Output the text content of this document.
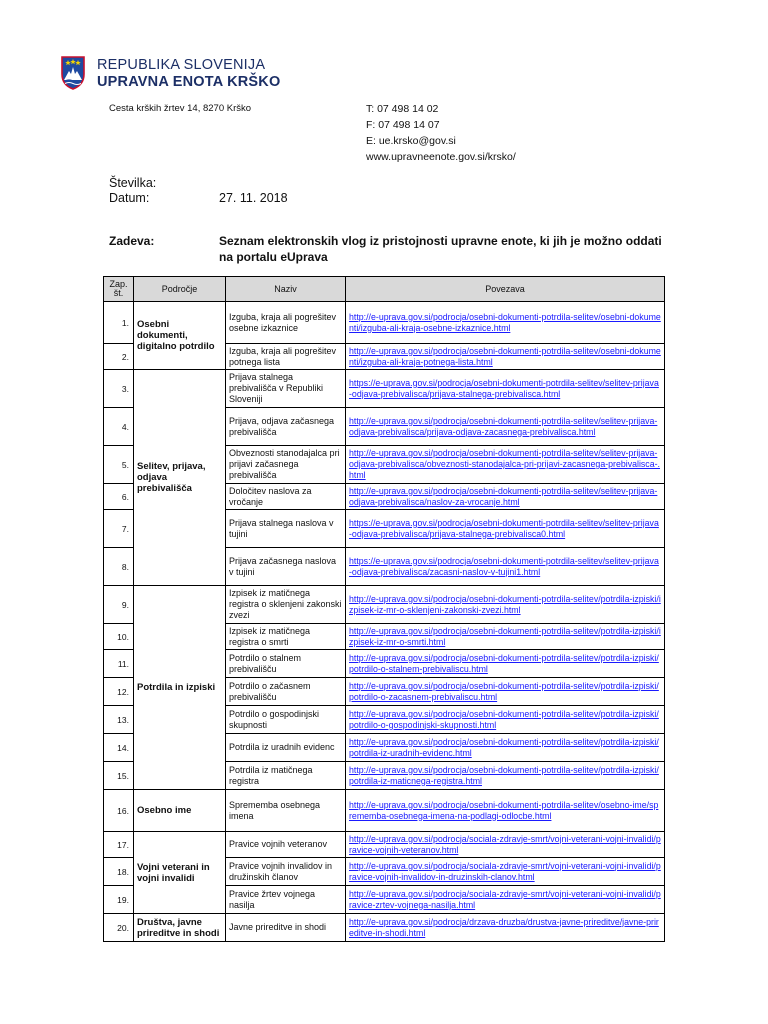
REPUBLIKA SLOVENIJA
UPRAVNA ENOTA KRŠKO
Cesta krških žrtev 14, 8270 Krško	T: 07 498 14 02
F: 07 498 14 07
E: ue.krsko@gov.si
www.upravneenote.gov.si/krsko/
Številka:
Datum:	27. 11. 2018
Zadeva:	Seznam elektronskih vlog iz pristojnosti upravne enote, ki jih je možno oddati na portalu eUprava
Zap. št.	Področje	Naziv	Povezava
1.	Osebni dokumenti, digitalno potrdilo	Izguba, kraja ali pogrešitev osebne izkaznice	http://e-uprava.gov.si/podrocja/osebni-dokumenti-potrdila-selitev/osebni-dokumenti/izguba-ali-kraja-osebne-izkaznice.html
2.		Izguba, kraja ali pogrešitev potnega lista	http://e-uprava.gov.si/podrocja/osebni-dokumenti-potrdila-selitev/osebni-dokumenti/izguba-ali-kraja-potnega-lista.html
3.	Selitev, prijava, odjava prebivališča	Prijava stalnega prebivališča v Republiki Sloveniji	https://e-uprava.gov.si/podrocja/osebni-dokumenti-potrdila-selitev/selitev-prijava-odjava-prebivalisca/prijava-stalnega-prebivalisca.html
4.		Prijava, odjava začasnega prebivališča	http://e-uprava.gov.si/podrocja/osebni-dokumenti-potrdila-selitev/selitev-prijava-odjava-prebivalisca/prijava-odjava-zacasnega-prebivalisca.html
5.		Obveznosti stanodajalca pri prijavi začasnega prebivališča	http://e-uprava.gov.si/podrocja/osebni-dokumenti-potrdila-selitev/selitev-prijava-odjava-prebivalisca/obveznosti-stanodajalca-pri-prijavi-zacasnega-prebivalisca-.html
6.		Določitev naslova za vročanje	http://e-uprava.gov.si/podrocja/osebni-dokumenti-potrdila-selitev/selitev-prijava-odjava-prebivalisca/naslov-za-vrocanje.html
7.		Prijava stalnega naslova v tujini	https://e-uprava.gov.si/podrocja/osebni-dokumenti-potrdila-selitev/selitev-prijava-odjava-prebivalisca/prijava-stalnega-prebivalisca0.html
8.		Prijava začasnega naslova v tujini	https://e-uprava.gov.si/podrocja/osebni-dokumenti-potrdila-selitev/selitev-prijava-odjava-prebivalisca/zacasni-naslov-v-tujini1.html
9.	Potrdila in izpiski	Izpisek iz matičnega registra o sklenjeni zakonski zvezi	http://e-uprava.gov.si/podrocja/osebni-dokumenti-potrdila-selitev/potrdila-izpiski/izpisek-iz-mr-o-sklenjeni-zakonski-zvezi.html
10.		Izpisek iz matičnega registra o smrti	http://e-uprava.gov.si/podrocja/osebni-dokumenti-potrdila-selitev/potrdila-izpiski/izpisek-iz-mr-o-smrti.html
11.		Potrdilo o stalnem prebivališču	http://e-uprava.gov.si/podrocja/osebni-dokumenti-potrdila-selitev/potrdila-izpiski/potrdilo-o-stalnem-prebivaliscu.html
12.		Potrdilo o začasnem prebivališču	http://e-uprava.gov.si/podrocja/osebni-dokumenti-potrdila-selitev/potrdila-izpiski/potrdilo-o-zacasnem-prebivaliscu.html
13.		Potrdilo o gospodinjski skupnosti	http://e-uprava.gov.si/podrocja/osebni-dokumenti-potrdila-selitev/potrdila-izpiski/potrdilo-o-gospodinjski-skupnosti.html
14.		Potrdila iz uradnih evidenc	http://e-uprava.gov.si/podrocja/osebni-dokumenti-potrdila-selitev/potrdila-izpiski/potrdila-iz-uradnih-evidenc.html
15.		Potrdila iz matičnega registra	http://e-uprava.gov.si/podrocja/osebni-dokumenti-potrdila-selitev/potrdila-izpiski/potrdila-iz-maticnega-registra.html
16.	Osebno ime	Sprememba osebnega imena	http://e-uprava.gov.si/podrocja/osebni-dokumenti-potrdila-selitev/osebno-ime/sprememba-osebnega-imena-na-podlagi-odlocbe.html
17.	Vojni veterani in vojni invalidi	Pravice vojnih veteranov	http://e-uprava.gov.si/podrocja/sociala-zdravje-smrt/vojni-veterani-vojni-invalidi/pravice-vojnih-veteranov.html
18.		Pravice vojnih invalidov in družinskih članov	http://e-uprava.gov.si/podrocja/sociala-zdravje-smrt/vojni-veterani-vojni-invalidi/pravice-vojnih-invalidov-in-druzinskih-clanov.html
19.		Pravice žrtev vojnega nasilja	http://e-uprava.gov.si/podrocja/sociala-zdravje-smrt/vojni-veterani-vojni-invalidi/pravice-zrtev-vojnega-nasilja.html
20.	Društva, javne prireditve in shodi	Javne prireditve in shodi	http://e-uprava.gov.si/podrocja/drzava-druzba/drustva-javne-prireditve/javne-prireditve-in-shodi.html
